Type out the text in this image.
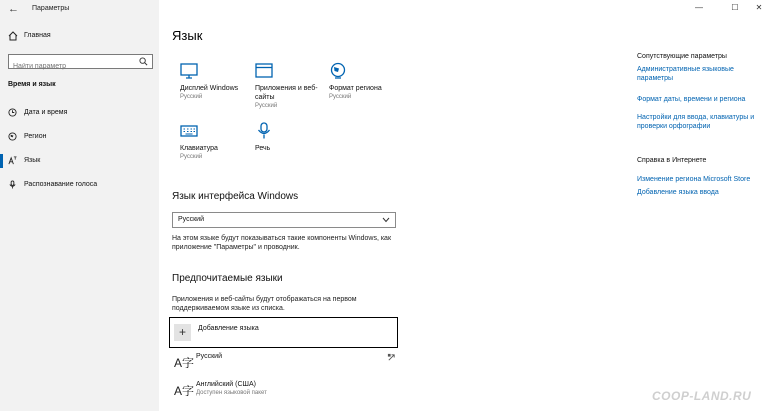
← Параметры
Главная
Найти параметр
Время и язык
Дата и время
Регион
Язык
Распознавание голоса
—	☐	✕
Язык
Дисплей Windows
Русский
Приложения и веб-сайты
Русский
Формат региона
Русский
Клавиатура
Русский
Речь
Язык интерфейса Windows
Русский
На этом языке будут показываться такие компоненты Windows, как приложение "Параметры" и проводник.
Предпочитаемые языки
Приложения и веб-сайты будут отображаться на первом поддерживаемом языке из списка.
+	Добавление языка
A字 Русский
A字 Английский (США)
Доступен языковой пакет
Сопутствующие параметры
Административные языковые параметры
Формат даты, времени и региона
Настройки для ввода, клавиатуры и проверки орфографии
Справка в Интернете
Изменение региона Microsoft Store
Добавление языка ввода
COOP-LAND.RU
